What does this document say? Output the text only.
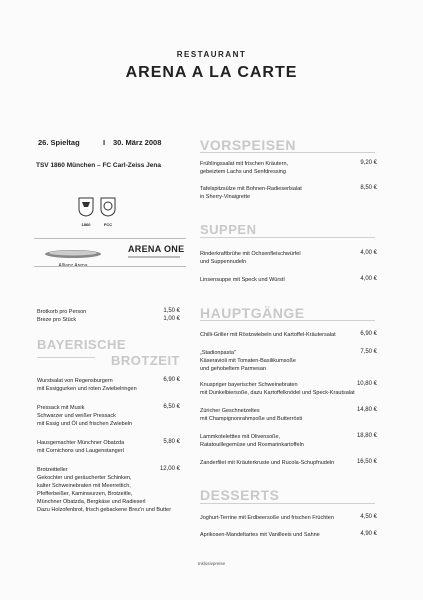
RESTAURANT
ARENA A LA CARTE
26. Spieltag	I 30. März 2008
TSV 1860 München – FC Carl-Zeiss Jena
1860	FCC
Allianz Arena
ARENA ONE
Brotkorb pro Person	1,50 €
Breze pro Stück	1,00 €
BAYERISCHE
BROTZEIT
Wurstsalat von Regensburgern
mit Essiggurken und roten Zwiebelringen
6,90 €
Pressack mit Musik
Schwarzer und weißer Pressack
mit Essig und Öl und frischen Zwiebeln
6,50 €
Hausgemachter Münchner Obatzda
mit Cornichons und Laugenstangerl
5,80 €
Brotzeitteller
Gekochter und geräucherter Schinken,
kalter Schweinebraten mit Meerrettich,
Pfefferbeißer, Kaminwurzen, Brotzeitle,
Münchner Obatzda, Bergkäse und Radieserl
Dazu Holzofenbrot, frisch gebackene Brez'n und Butter
12,00 €
VORSPEISEN
Frühlingssalat mit frischen Kräutern,
gebeiztem Lachs und Senfdressing
9,20 €
Tafelspitzsülze mit Bohnen-Radieserlsalat
in Sherry-Vinaigrette
8,50 €
SUPPEN
Rinderkraftbrühe mit Ochsenfleischwürfel
und Suppennudeln
4,00 €
Linsensuppe mit Speck und Würstl	4,00 €
HAUPTGÄNGE
Chilli-Griller mit Röstzwiebeln und Kartoffel-Kräutersalat	6,90 €
„Stadionpasta"
Käseravioli mit Tomaten-Basilikumsoße
und gehobeltem Parmesan
7,50 €
Knuspriger bayerischer Schweinebraten
mit Dunkelbiersoße, dazu Kartoffelknödel und Speck-Krautsalat
10,80 €
Züricher Geschnetzeltes
mit Champignonrahmsoße und Butterrösti
14,80 €
Lammkoteletttes mit Olivensoße,
Ratatouillegemüse und Rosmarinkartoffeln
18,80 €
Zanderfilet mit Kräuterkruste und Rucola-Schupfnudeln	16,50 €
DESSERTS
Joghurt-Terrine mit Erdbeersoße und frischen Früchten	4,50 €
Aprikosen-Mandeltartes mit Vanilleeis und Sahne	4,90 €
Inklusivpreise
